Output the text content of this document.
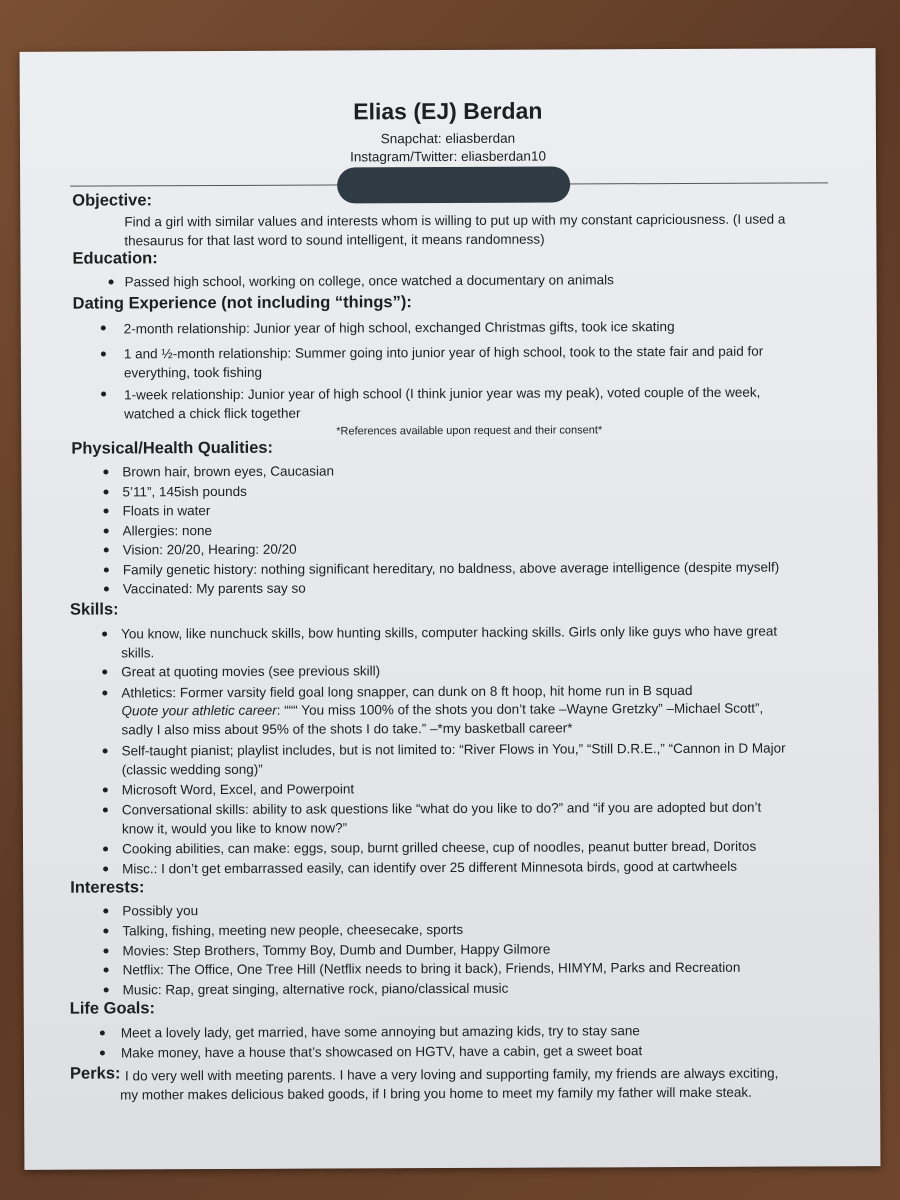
Elias (EJ) Berdan
Snapchat: eliasberdan
Instagram/Twitter: eliasberdan10
Objective:
Find a girl with similar values and interests whom is willing to put up with my constant capriciousness. (I used a
thesaurus for that last word to sound intelligent, it means randomness)
Education:
Passed high school, working on college, once watched a documentary on animals
Dating Experience (not including “things”):
2-month relationship: Junior year of high school, exchanged Christmas gifts, took ice skating
1 and ½-month relationship: Summer going into junior year of high school, took to the state fair and paid for
everything, took fishing
1-week relationship: Junior year of high school (I think junior year was my peak), voted couple of the week,
watched a chick flick together
*References available upon request and their consent*
Physical/Health Qualities:
Brown hair, brown eyes, Caucasian
5’11”, 145ish pounds
Floats in water
Allergies: none
Vision: 20/20, Hearing: 20/20
Family genetic history: nothing significant hereditary, no baldness, above average intelligence (despite myself)
Vaccinated: My parents say so
Skills:
You know, like nunchuck skills, bow hunting skills, computer hacking skills. Girls only like guys who have great
skills.
Great at quoting movies (see previous skill)
Athletics: Former varsity field goal long snapper, can dunk on 8 ft hoop, hit home run in B squad
Quote your athletic career: “““ You miss 100% of the shots you don’t take –Wayne Gretzky” –Michael Scott”,
sadly I also miss about 95% of the shots I do take.” –*my basketball career*
Self-taught pianist; playlist includes, but is not limited to: “River Flows in You,” “Still D.R.E.,” “Cannon in D Major
(classic wedding song)”
Microsoft Word, Excel, and Powerpoint
Conversational skills: ability to ask questions like “what do you like to do?” and “if you are adopted but don’t
know it, would you like to know now?”
Cooking abilities, can make: eggs, soup, burnt grilled cheese, cup of noodles, peanut butter bread, Doritos
Misc.: I don’t get embarrassed easily, can identify over 25 different Minnesota birds, good at cartwheels
Interests:
Possibly you
Talking, fishing, meeting new people, cheesecake, sports
Movies: Step Brothers, Tommy Boy, Dumb and Dumber, Happy Gilmore
Netflix: The Office, One Tree Hill (Netflix needs to bring it back), Friends, HIMYM, Parks and Recreation
Music: Rap, great singing, alternative rock, piano/classical music
Life Goals:
Meet a lovely lady, get married, have some annoying but amazing kids, try to stay sane
Make money, have a house that’s showcased on HGTV, have a cabin, get a sweet boat
Perks: I do very well with meeting parents. I have a very loving and supporting family, my friends are always exciting,
my mother makes delicious baked goods, if I bring you home to meet my family my father will make steak.
